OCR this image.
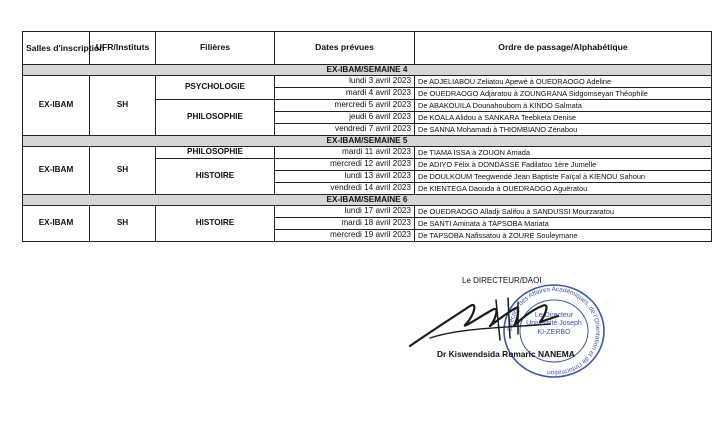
Salles d'inscription	UFR/Instituts	Filières	Dates prévues	Ordre de passage/Alphabétique
EX-IBAM/SEMAINE 4				
EX-IBAM	SH	PSYCHOLOGIE	lundi 3 avril 2023	De ADJELIABOU Zeliatou Apewè à OUEDRAOGO Adeline
			mardi 4 avril 2023	De OUEDRAOGO Adjaratou à ZOUNGRANA Sidgomseyan Théophile
		PHILOSOPHIE	mercredi 5 avril 2023	De ABAKOUILA Dounahoubom à KINDO Salmata
			jeudi 6 avril 2023	De KOALA Alidou à SANKARA Teebketa Denise
			vendredi 7 avril 2023	De SANNA Mohamadi à THIOMBIANO Zénabou
EX-IBAM/SEMAINE 5				
EX-IBAM	SH	PHILOSOPHIE	mardi 11 avril 2023	De TIAMA ISSA à ZOUON Amada
		HISTOIRE	mercredi 12 avril 2023	De ADIYO Félix à DONDASSE Fadilatou 1ère Jumelle
			lundi 13 avril 2023	De DOULKOUM Teegwendé Jean Baptiste Faïçal à KIENOU Sahoun
			vendredi 14 avril 2023	De KIENTEGA Daouda à OUEDRAOGO Aguëratou
EX-IBAM/SEMAINE 6				
EX-IBAM	SH	HISTOIRE	lundi 17 avril 2023	De OUEDRAOGO Alladji Salifou à SANDUSSI Mourzaratou
			mardi 18 avril 2023	De SANTI Aminata à TAPSOBA Mariata
			mercredi 19 avril 2023	De TAPSOBA Nafissatou à ZOURE Souleymane
Le DIRECTEUR/DAOI
Direction des Affaires Académiques, de l'Orientation et de l'Information
Le Directeur Université Joseph KI-ZERBO
Dr Kiswendsida Romaric NANEMA
